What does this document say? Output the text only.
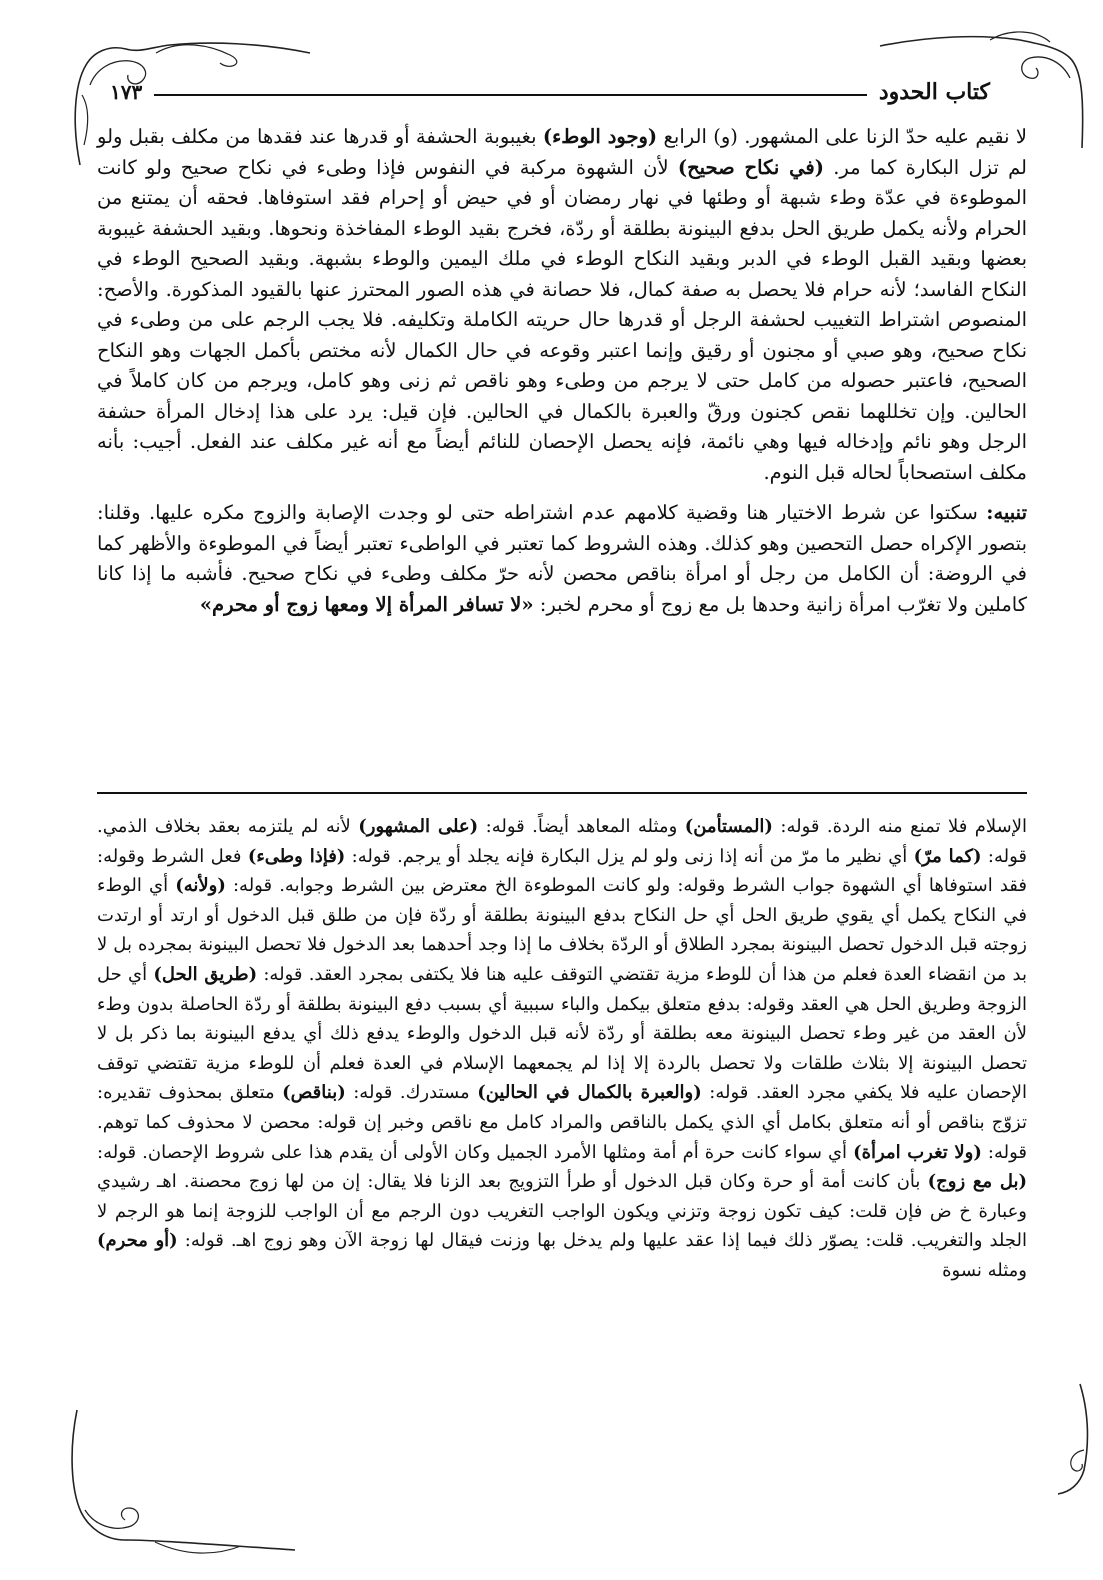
كتاب الحدود
١٧٣

لا نقيم عليه حدّ الزنا على المشهور. (و) الرابع (وجود الوطء) بغيبوبة الحشفة أو قدرها عند فقدها من مكلف بقبل ولو لم تزل البكارة كما مر. (في نكاح صحيح) لأن الشهوة مركبة في النفوس فإذا وطىء في نكاح صحيح ولو كانت الموطوءة في عدّة وطء شبهة أو وطئها في نهار رمضان أو في حيض أو إحرام فقد استوفاها. فحقه أن يمتنع من الحرام ولأنه يكمل طريق الحل بدفع البينونة بطلقة أو ردّة، فخرج بقيد الوطء المفاخذة ونحوها. وبقيد الحشفة غيبوبة بعضها وبقيد القبل الوطء في الدبر وبقيد النكاح الوطء في ملك اليمين والوطء بشبهة. وبقيد الصحيح الوطء في النكاح الفاسد؛ لأنه حرام فلا يحصل به صفة كمال، فلا حصانة في هذه الصور المحترز عنها بالقيود المذكورة. والأصح: المنصوص اشتراط التغييب لحشفة الرجل أو قدرها حال حريته الكاملة وتكليفه. فلا يجب الرجم على من وطىء في نكاح صحيح، وهو صبي أو مجنون أو رقيق وإنما اعتبر وقوعه في حال الكمال لأنه مختص بأكمل الجهات وهو النكاح الصحيح، فاعتبر حصوله من كامل حتى لا يرجم من وطىء وهو ناقص ثم زنى وهو كامل، ويرجم من كان كاملاً في الحالين. وإن تخللهما نقص كجنون ورقّ والعبرة بالكمال في الحالين. فإن قيل: يرد على هذا إدخال المرأة حشفة الرجل وهو نائم وإدخاله فيها وهي نائمة، فإنه يحصل الإحصان للنائم أيضاً مع أنه غير مكلف عند الفعل. أجيب: بأنه مكلف استصحاباً لحاله قبل النوم.

تنبيه: سكتوا عن شرط الاختيار هنا وقضية كلامهم عدم اشتراطه حتى لو وجدت الإصابة والزوج مكره عليها. وقلنا: بتصور الإكراه حصل التحصين وهو كذلك. وهذه الشروط كما تعتبر في الواطىء تعتبر أيضاً في الموطوءة والأظهر كما في الروضة: أن الكامل من رجل أو امرأة بناقص محصن لأنه حرّ مكلف وطىء في نكاح صحيح. فأشبه ما إذا كانا كاملين ولا تغرّب امرأة زانية وحدها بل مع زوج أو محرم لخبر: «لا تسافر المرأة إلا ومعها زوج أو محرم»

الإسلام فلا تمنع منه الردة. قوله: (المستأمن) ومثله المعاهد أيضاً. قوله: (على المشهور) لأنه لم يلتزمه بعقد بخلاف الذمي. قوله: (كما مرّ) أي نظير ما مرّ من أنه إذا زنى ولو لم يزل البكارة فإنه يجلد أو يرجم. قوله: (فإذا وطىء) فعل الشرط وقوله: فقد استوفاها أي الشهوة جواب الشرط وقوله: ولو كانت الموطوءة الخ معترض بين الشرط وجوابه. قوله: (ولأنه) أي الوطء في النكاح يكمل أي يقوي طريق الحل أي حل النكاح بدفع البينونة بطلقة أو ردّة فإن من طلق قبل الدخول أو ارتد أو ارتدت زوجته قبل الدخول تحصل البينونة بمجرد الطلاق أو الردّة بخلاف ما إذا وجد أحدهما بعد الدخول فلا تحصل البينونة بمجرده بل لا بد من انقضاء العدة فعلم من هذا أن للوطء مزية تقتضي التوقف عليه هنا فلا يكتفى بمجرد العقد. قوله: (طريق الحل) أي حل الزوجة وطريق الحل هي العقد وقوله: بدفع متعلق بيكمل والباء سببية أي بسبب دفع البينونة بطلقة أو ردّة الحاصلة بدون وطء لأن العقد من غير وطء تحصل البينونة معه بطلقة أو ردّة لأنه قبل الدخول والوطء يدفع ذلك أي يدفع البينونة بما ذكر بل لا تحصل البينونة إلا بثلاث طلقات ولا تحصل بالردة إلا إذا لم يجمعهما الإسلام في العدة فعلم أن للوطء مزية تقتضي توقف الإحصان عليه فلا يكفي مجرد العقد. قوله: (والعبرة بالكمال في الحالين) مستدرك. قوله: (بناقص) متعلق بمحذوف تقديره: تزوّج بناقص أو أنه متعلق بكامل أي الذي يكمل بالناقص والمراد كامل مع ناقص وخبر إن قوله: محصن لا محذوف كما توهم. قوله: (ولا تغرب امرأة) أي سواء كانت حرة أم أمة ومثلها الأمرد الجميل وكان الأولى أن يقدم هذا على شروط الإحصان. قوله: (بل مع زوج) بأن كانت أمة أو حرة وكان قبل الدخول أو طرأ التزويج بعد الزنا فلا يقال: إن من لها زوج محصنة. اهـ رشيدي وعبارة خ ض فإن قلت: كيف تكون زوجة وتزني ويكون الواجب التغريب دون الرجم مع أن الواجب للزوجة إنما هو الرجم لا الجلد والتغريب. قلت: يصوّر ذلك فيما إذا عقد عليها ولم يدخل بها وزنت فيقال لها زوجة الآن وهو زوج اهـ. قوله: (أو محرم) ومثله نسوة
